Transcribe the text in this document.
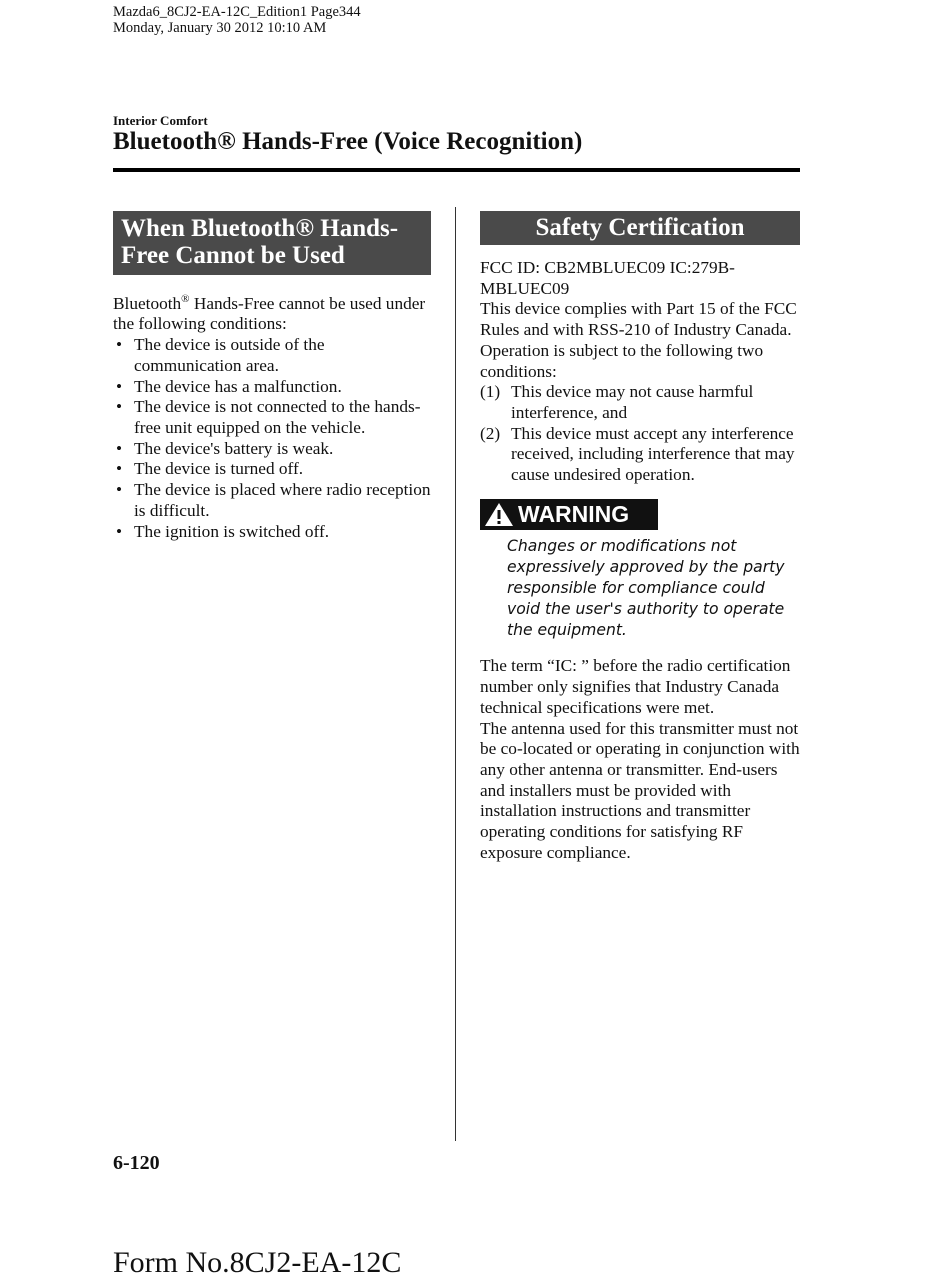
Mazda6_8CJ2-EA-12C_Edition1 Page344
Monday, January 30 2012 10:10 AM
Interior Comfort
Bluetooth® Hands-Free (Voice Recognition)
When Bluetooth® Hands-Free Cannot be Used

Bluetooth® Hands-Free cannot be used under the following conditions:

• The device is outside of the communication area.
• The device has a malfunction.
• The device is not connected to the hands-free unit equipped on the vehicle.
• The device's battery is weak.
• The device is turned off.
• The device is placed where radio reception is difficult.
• The ignition is switched off.
Safety Certification

FCC ID: CB2MBLUEC09 IC:279B-MBLUEC09

This device complies with Part 15 of the FCC Rules and with RSS-210 of Industry Canada. Operation is subject to the following two conditions:

(1) This device may not cause harmful interference, and
(2) This device must accept any interference received, including interference that may cause undesired operation.
WARNING

Changes or modifications not expressively approved by the party responsible for compliance could void the user's authority to operate the equipment.

The term “IC: ” before the radio certification number only signifies that Industry Canada technical specifications were met.

The antenna used for this transmitter must not be co-located or operating in conjunction with any other antenna or transmitter. End-users and installers must be provided with installation instructions and transmitter operating conditions for satisfying RF exposure compliance.

6-120
Form No.8CJ2-EA-12C
